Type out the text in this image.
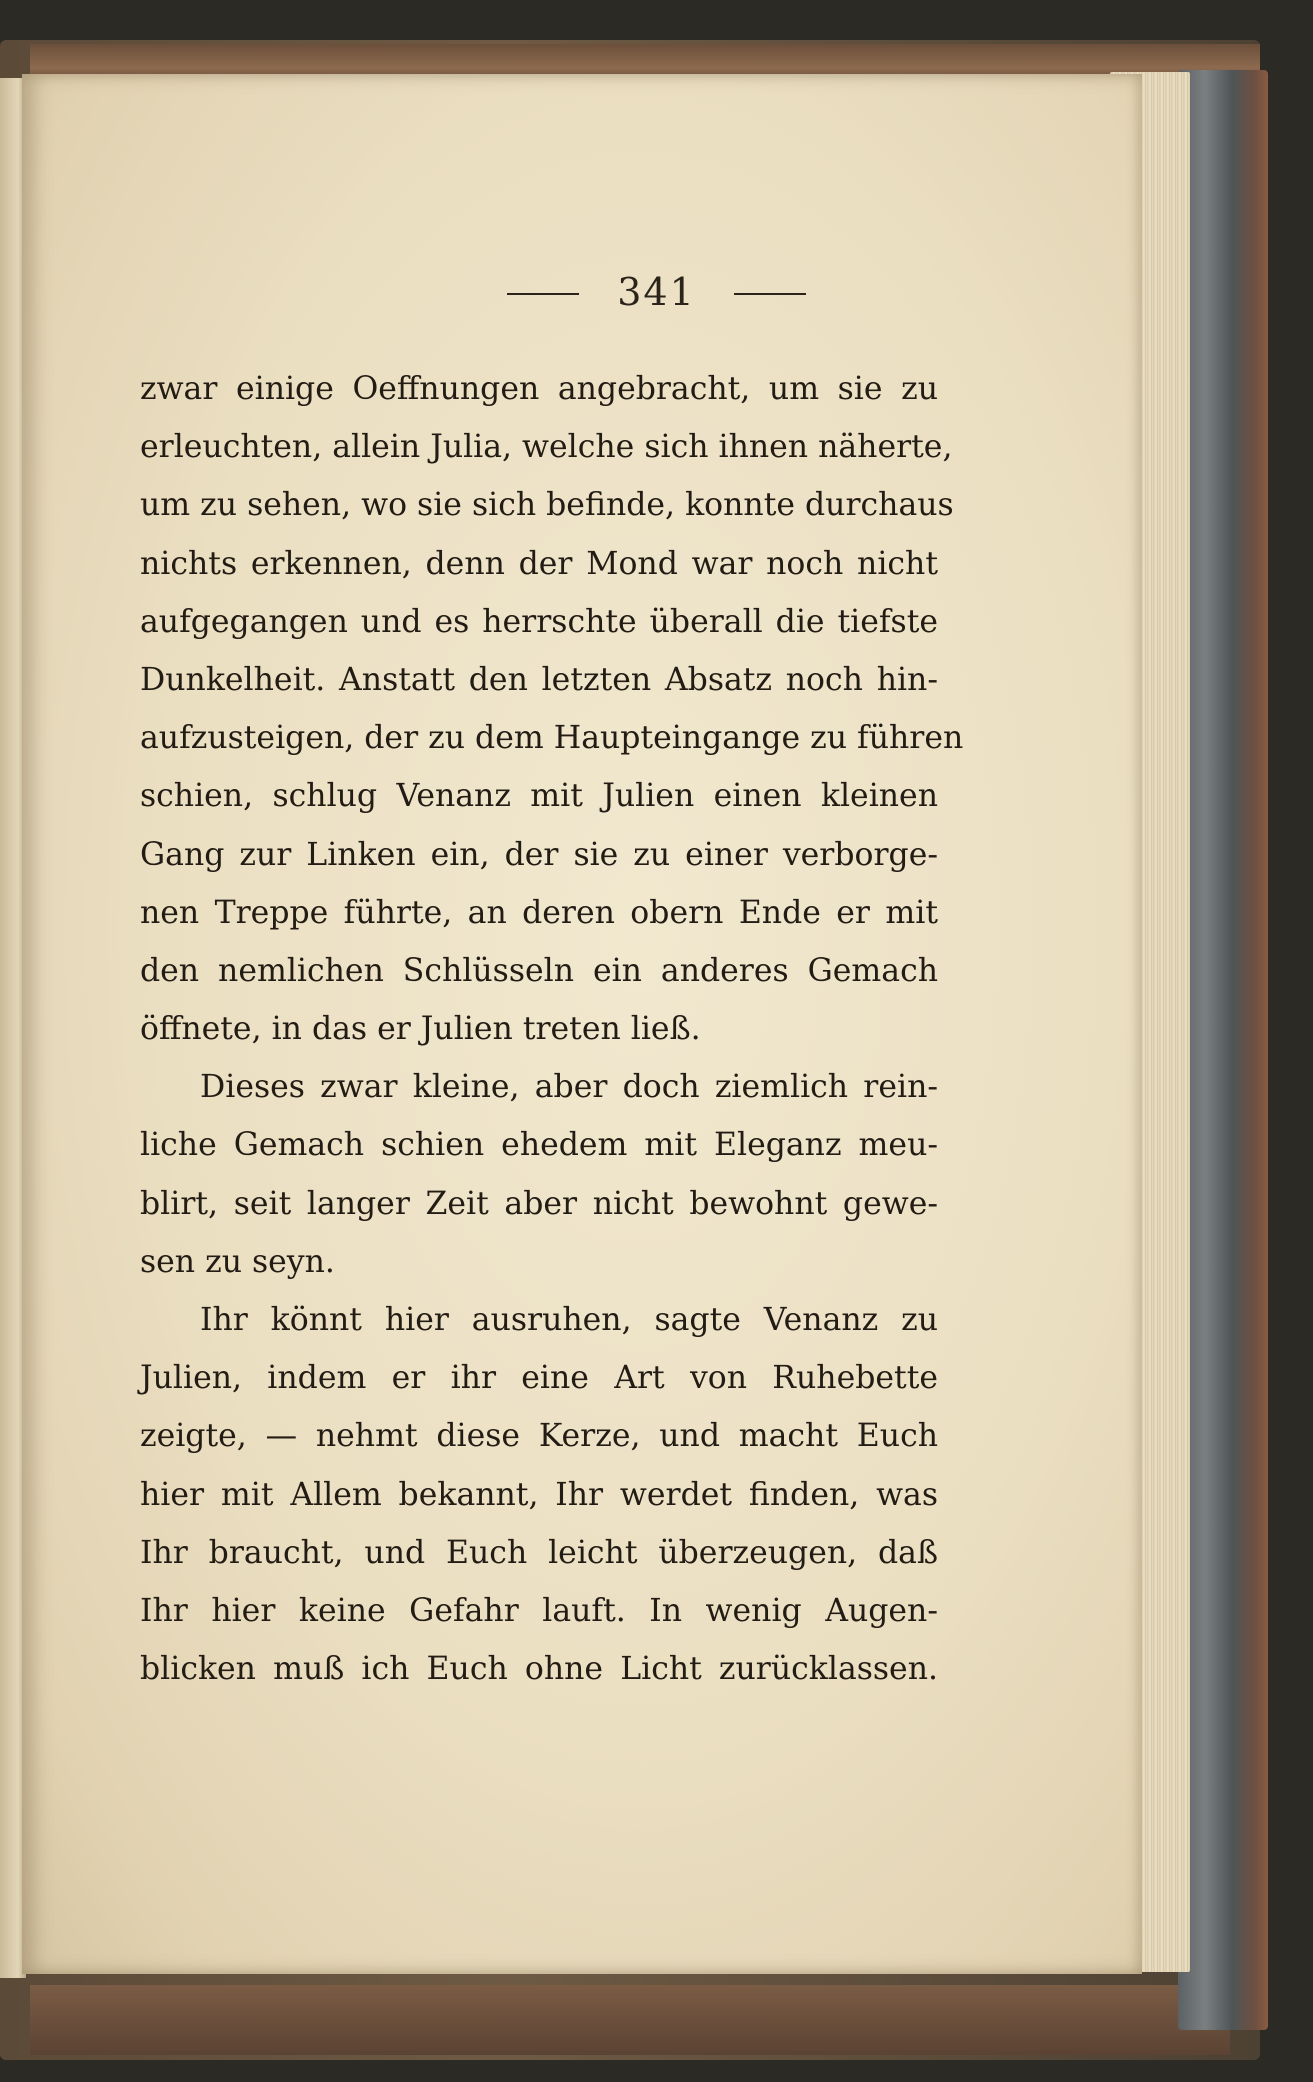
341
zwar einige Oeffnungen angebracht, um sie zu
erleuchten, allein Julia, welche sich ihnen näherte,
um zu sehen, wo sie sich befinde, konnte durchaus
nichts erkennen, denn der Mond war noch nicht
aufgegangen und es herrschte überall die tiefste
Dunkelheit. Anstatt den letzten Absatz noch hin-
aufzusteigen, der zu dem Haupteingange zu führen
schien, schlug Venanz mit Julien einen kleinen
Gang zur Linken ein, der sie zu einer verborge-
nen Treppe führte, an deren obern Ende er mit
den nemlichen Schlüsseln ein anderes Gemach
öffnete, in das er Julien treten ließ.
Dieses zwar kleine, aber doch ziemlich rein-
liche Gemach schien ehedem mit Eleganz meu-
blirt, seit langer Zeit aber nicht bewohnt gewe-
sen zu seyn.
Ihr könnt hier ausruhen, sagte Venanz zu
Julien, indem er ihr eine Art von Ruhebette
zeigte, — nehmt diese Kerze, und macht Euch
hier mit Allem bekannt, Ihr werdet finden, was
Ihr braucht, und Euch leicht überzeugen, daß
Ihr hier keine Gefahr lauft. In wenig Augen-
blicken muß ich Euch ohne Licht zurücklassen.
